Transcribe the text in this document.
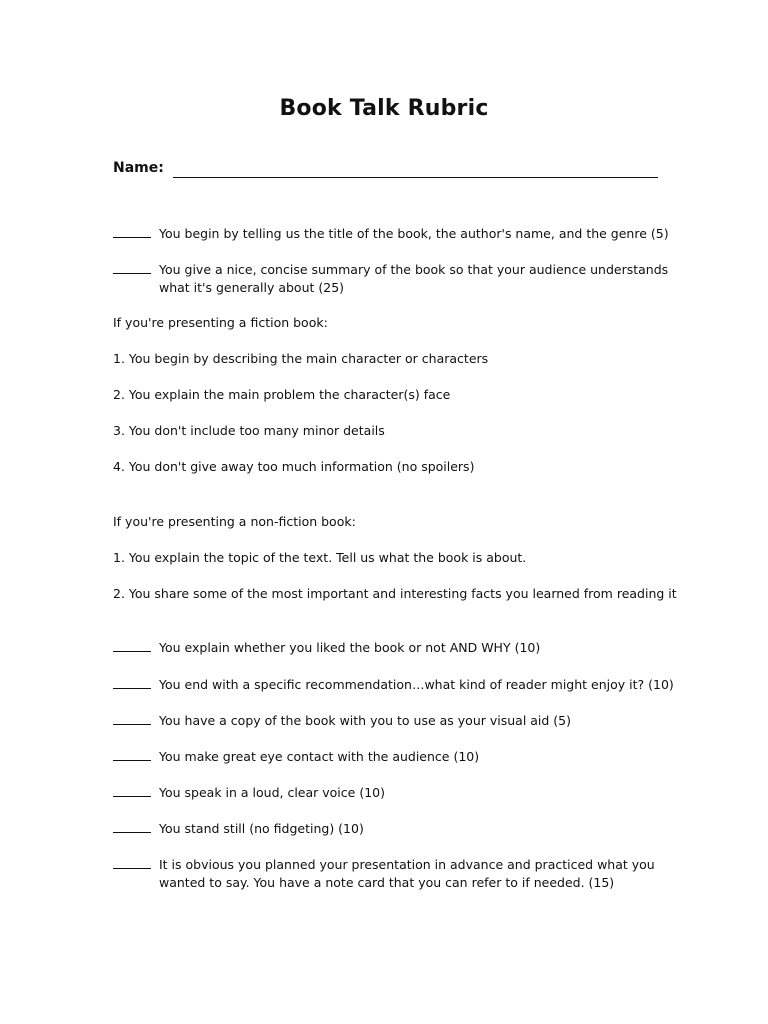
Book Talk Rubric
Name:
You begin by telling us the title of the book, the author's name, and the genre (5)
You give a nice, concise summary of the book so that your audience understands
what it's generally about (25)
If you're presenting a fiction book:
1. You begin by describing the main character or characters
2. You explain the main problem the character(s) face
3. You don't include too many minor details
4. You don't give away too much information (no spoilers)
If you're presenting a non-fiction book:
1. You explain the topic of the text. Tell us what the book is about.
2. You share some of the most important and interesting facts you learned from reading it
You explain whether you liked the book or not AND WHY (10)
You end with a specific recommendation…what kind of reader might enjoy it? (10)
You have a copy of the book with you to use as your visual aid (5)
You make great eye contact with the audience (10)
You speak in a loud, clear voice (10)
You stand still (no fidgeting) (10)
It is obvious you planned your presentation in advance and practiced what you
wanted to say. You have a note card that you can refer to if needed. (15)
